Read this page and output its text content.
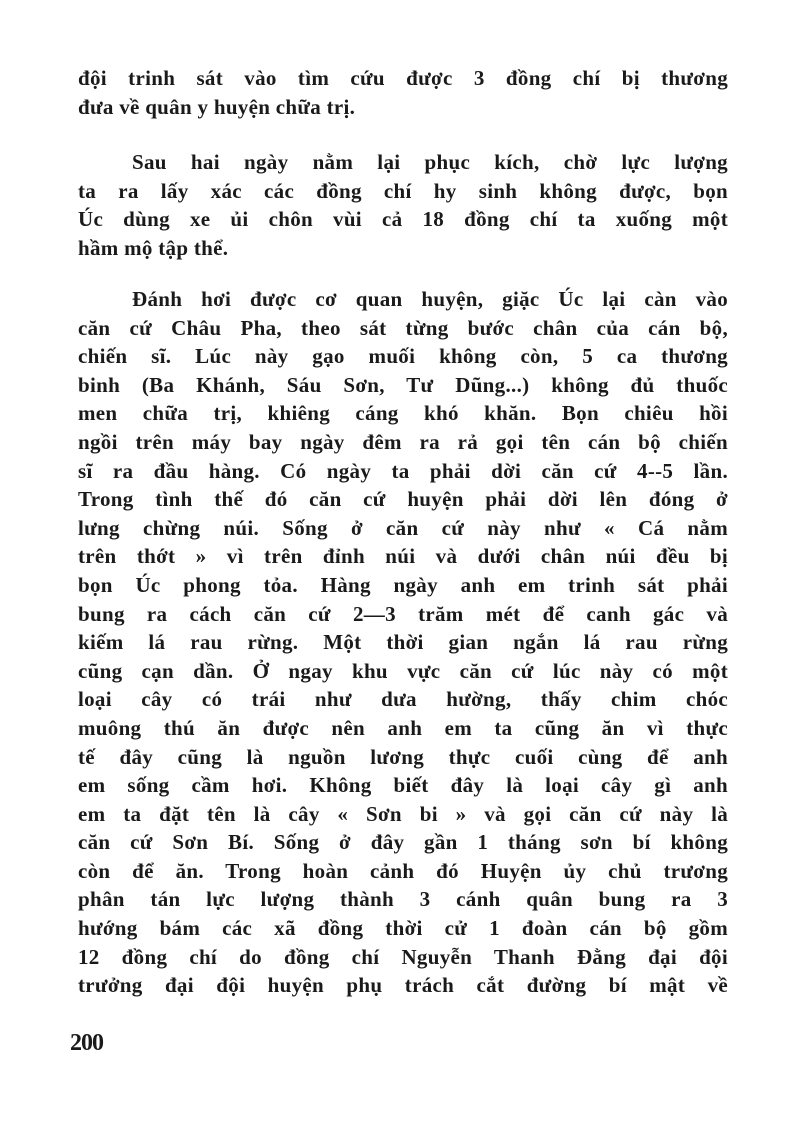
đội trinh sát vào tìm cứu được 3 đồng chí bị thương
đưa về quân y huyện chữa trị.
Sau hai ngày nằm lại phục kích, chờ lực lượng
ta ra lấy xác các đồng chí hy sinh không được, bọn
Úc dùng xe ủi chôn vùi cả 18 đồng chí ta xuống một
hầm mộ tập thể.
Đánh hơi được cơ quan huyện, giặc Úc lại càn vào
căn cứ Châu Pha, theo sát từng bước chân của cán bộ,
chiến sĩ. Lúc này gạo muối không còn, 5 ca thương
binh (Ba Khánh, Sáu Sơn, Tư Dũng...) không đủ thuốc
men chữa trị, khiêng cáng khó khăn. Bọn chiêu hồi
ngồi trên máy bay ngày đêm ra rả gọi tên cán bộ chiến
sĩ ra đầu hàng. Có ngày ta phải dời căn cứ 4--5 lần.
Trong tình thế đó căn cứ huyện phải dời lên đóng ở
lưng chừng núi. Sống ở căn cứ này như « Cá nằm
trên thớt » vì trên đỉnh núi và dưới chân núi đều bị
bọn Úc phong tỏa. Hàng ngày anh em trinh sát phải
bung ra cách căn cứ 2—3 trăm mét để canh gác và
kiếm lá rau rừng. Một thời gian ngắn lá rau rừng
cũng cạn dần. Ở ngay khu vực căn cứ lúc này có một
loại cây có trái như dưa hường, thấy chim chóc
muông thú ăn được nên anh em ta cũng ăn vì thực
tế đây cũng là nguồn lương thực cuối cùng để anh
em sống cầm hơi. Không biết đây là loại cây gì anh
em ta đặt tên là cây « Sơn bi » và gọi căn cứ này là
căn cứ Sơn Bí. Sống ở đây gần 1 tháng sơn bí không
còn để ăn. Trong hoàn cảnh đó Huyện ủy chủ trương
phân tán lực lượng thành 3 cánh quân bung ra 3
hướng bám các xã đồng thời cử 1 đoàn cán bộ gồm
12 đồng chí do đồng chí Nguyễn Thanh Đằng đại đội
trưởng đại đội huyện phụ trách cắt đường bí mật về
200
